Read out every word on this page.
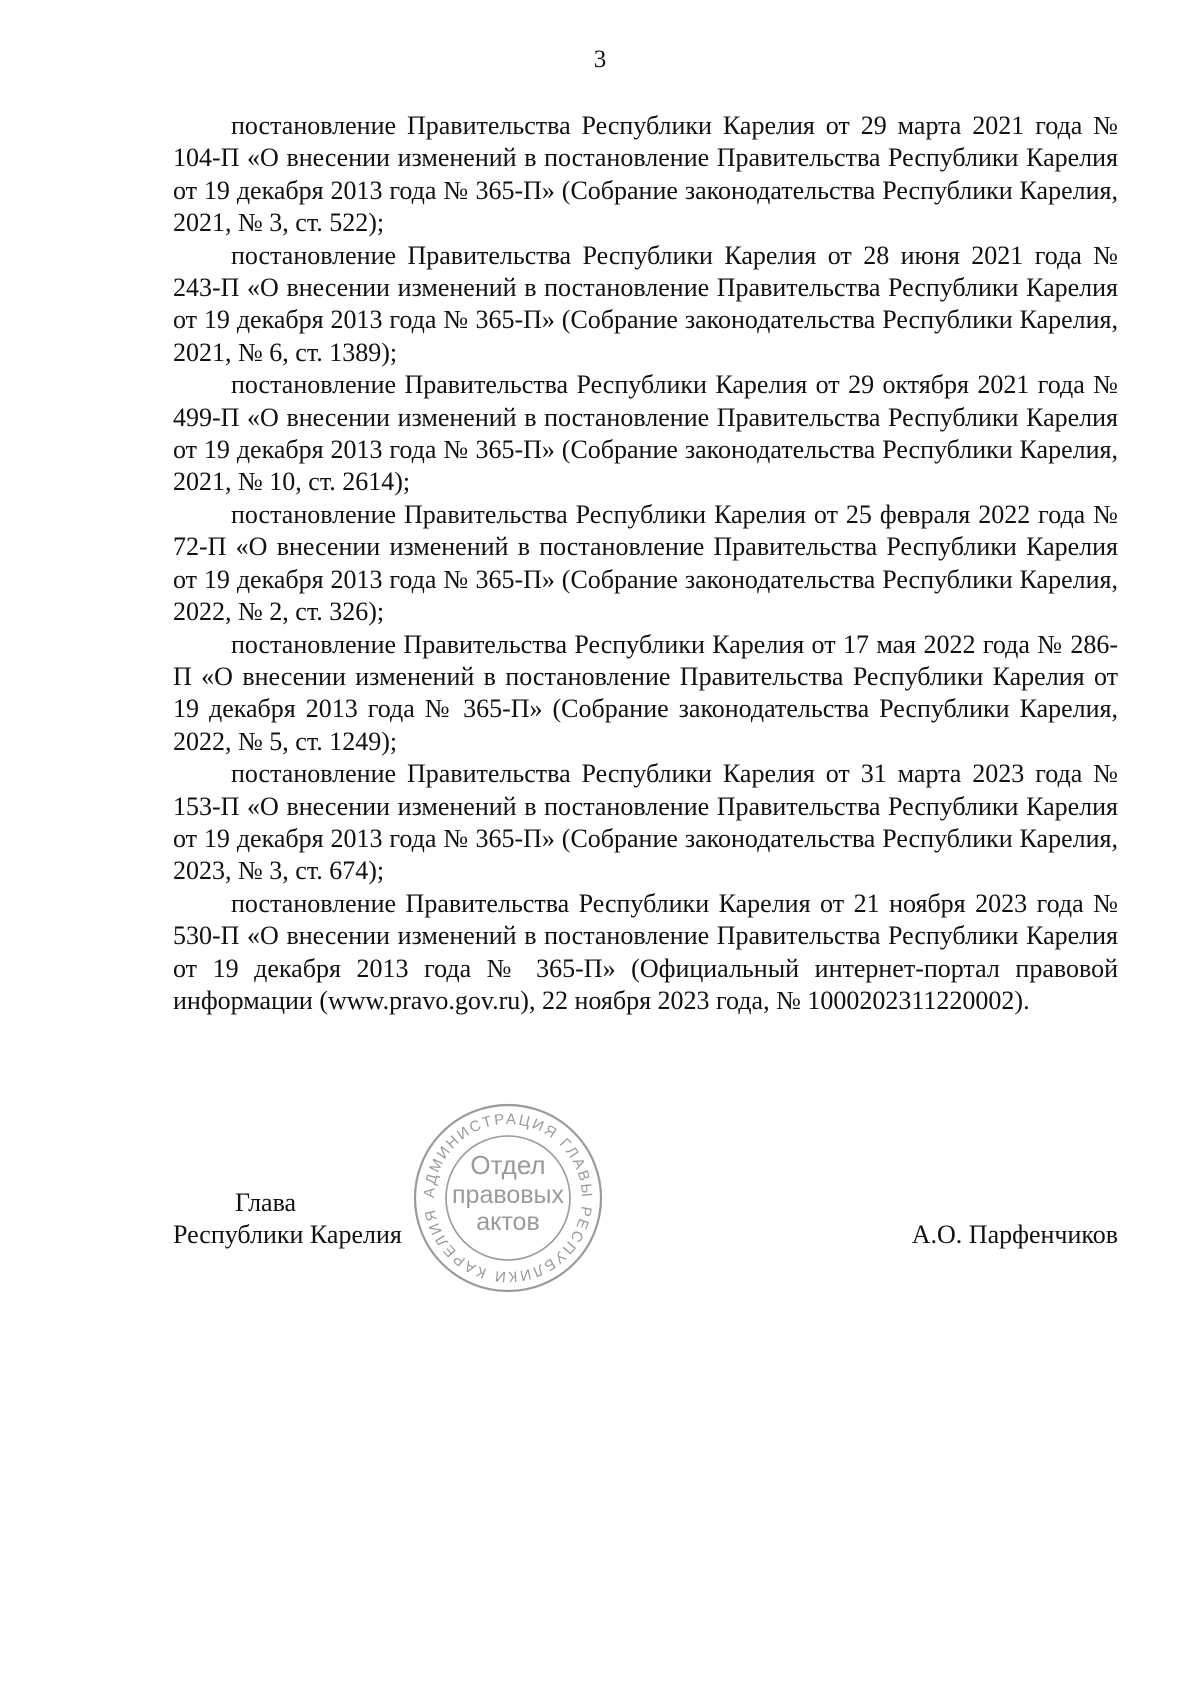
3

постановление Правительства Республики Карелия от 29 марта 2021 года № 104-П «О внесении изменений в постановление Правительства Республики Карелия от 19 декабря 2013 года № 365-П» (Собрание законодательства Республики Карелия, 2021, № 3, ст. 522);

постановление Правительства Республики Карелия от 28 июня 2021 года № 243-П «О внесении изменений в постановление Правительства Республики Карелия от 19 декабря 2013 года № 365-П» (Собрание законодательства Республики Карелия, 2021, № 6, ст. 1389);

постановление Правительства Республики Карелия от 29 октября 2021 года № 499-П «О внесении изменений в постановление Правительства Республики Карелия от 19 декабря 2013 года № 365-П» (Собрание законодательства Республики Карелия, 2021, № 10, ст. 2614);

постановление Правительства Республики Карелия от 25 февраля 2022 года № 72-П «О внесении изменений в постановление Правительства Республики Карелия от 19 декабря 2013 года № 365-П» (Собрание законодательства Республики Карелия, 2022, № 2, ст. 326);

постановление Правительства Республики Карелия от 17 мая 2022 года № 286-П «О внесении изменений в постановление Правительства Республики Карелия от 19 декабря 2013 года № 365-П» (Собрание законодательства Республики Карелия, 2022, № 5, ст. 1249);

постановление Правительства Республики Карелия от 31 марта 2023 года № 153-П «О внесении изменений в постановление Правительства Республики Карелия от 19 декабря 2013 года № 365-П» (Собрание законодательства Республики Карелия, 2023, № 3, ст. 674);

постановление Правительства Республики Карелия от 21 ноября 2023 года № 530-П «О внесении изменений в постановление Правительства Республики Карелия от 19 декабря 2013 года № 365-П» (Официальный интернет-портал правовой информации (www.pravo.gov.ru), 22 ноября 2023 года, № 1000202311220002).

Глава
Республики Карелия	А.О. Парфенчиков
АДМИНИСТРАЦИЯ ГЛАВЫ РЕСПУБЛИКИ КАРЕЛИЯ
Отдел
правовых
актов
